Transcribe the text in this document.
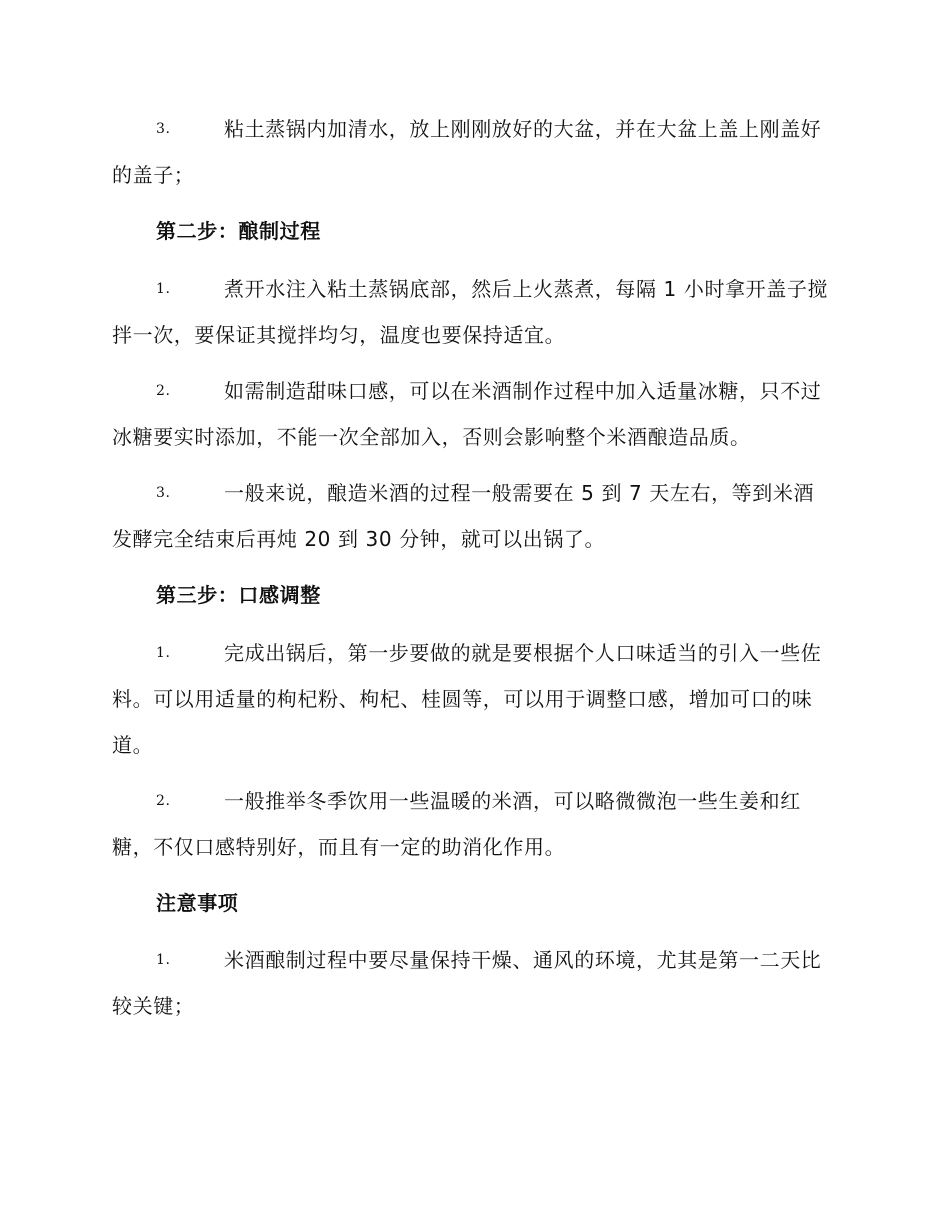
3.	粘土蒸锅内加清水，放上刚刚放好的大盆，并在大盆上盖上刚盖好的盖子；

第二步：酿制过程

1.	煮开水注入粘土蒸锅底部，然后上火蒸煮，每隔 1 小时拿开盖子搅拌一次，要保证其搅拌均匀，温度也要保持适宜。

2.	如需制造甜味口感，可以在米酒制作过程中加入适量冰糖，只不过冰糖要实时添加，不能一次全部加入，否则会影响整个米酒酿造品质。

3.	一般来说，酿造米酒的过程一般需要在 5 到 7 天左右，等到米酒发酵完全结束后再炖 20 到 30 分钟，就可以出锅了。

第三步：口感调整

1.	完成出锅后，第一步要做的就是要根据个人口味适当的引入一些佐料。可以用适量的枸杞粉、枸杞、桂圆等，可以用于调整口感，增加可口的味道。

2.	一般推举冬季饮用一些温暖的米酒，可以略微微泡一些生姜和红糖，不仅口感特别好，而且有一定的助消化作用。

注意事项

1.	米酒酿制过程中要尽量保持干燥、通风的环境，尤其是第一二天比较关键；
